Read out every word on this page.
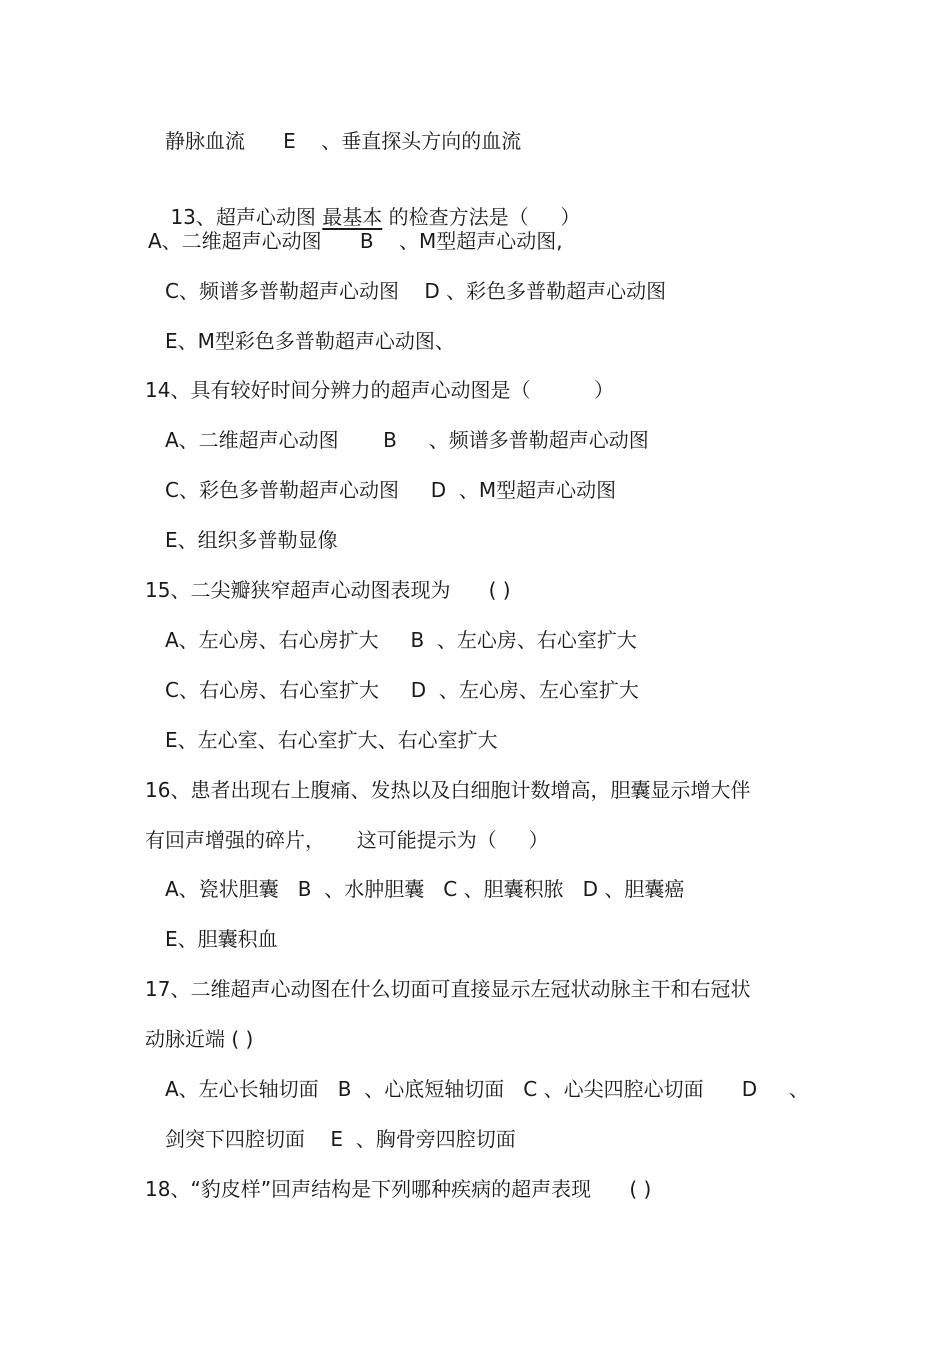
静脉血流      E    、垂直探头方向的血流

13、超声心动图 最基本 的检查方法是（     ）

A、二维超声心动图      B    、M型超声心动图,
C、频谱多普勒超声心动图    D 、彩色多普勒超声心动图
E、M型彩色多普勒超声心动图、
14、具有较好时间分辨力的超声心动图是（          ）
A、二维超声心动图       B     、频谱多普勒超声心动图
C、彩色多普勒超声心动图     D  、M型超声心动图
E、组织多普勒显像
15、二尖瓣狭窄超声心动图表现为      ( )
A、左心房、右心房扩大     B  、左心房、右心室扩大
C、右心房、右心室扩大     D  、左心房、左心室扩大
E、左心室、右心室扩大、右心室扩大
16、患者出现右上腹痛、发热以及白细胞计数增高，胆囊显示增大伴
有回声增强的碎片，     这可能提示为（     ）
A、瓷状胆囊   B  、水肿胆囊   C 、胆囊积脓   D 、胆囊癌
E、胆囊积血
17、二维超声心动图在什么切面可直接显示左冠状动脉主干和右冠状
动脉近端 ( )
A、左心长轴切面   B  、心底短轴切面   C 、心尖四腔心切面      D     、
剑突下四腔切面    E  、胸骨旁四腔切面
18、“豹皮样”回声结构是下列哪种疾病的超声表现      ( )
